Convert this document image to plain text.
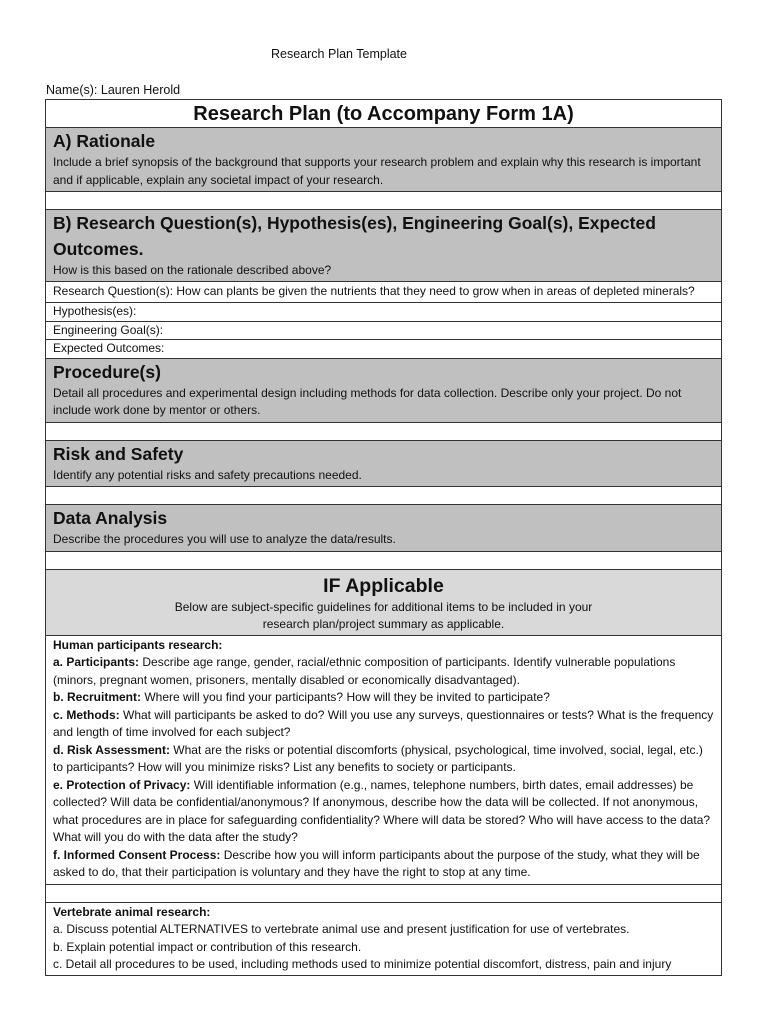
Research Plan Template
Name(s): Lauren Herold
Research Plan (to Accompany Form 1A)
A) Rationale
Include a brief synopsis of the background that supports your research problem and explain why this research is important and if applicable, explain any societal impact of your research.
B) Research Question(s), Hypothesis(es), Engineering Goal(s), Expected Outcomes.
How is this based on the rationale described above?
Research Question(s): How can plants be given the nutrients that they need to grow when in areas of depleted minerals?
Hypothesis(es):
Engineering Goal(s):
Expected Outcomes:
Procedure(s)
Detail all procedures and experimental design including methods for data collection. Describe only your project. Do not include work done by mentor or others.
Risk and Safety
Identify any potential risks and safety precautions needed.
Data Analysis
Describe the procedures you will use to analyze the data/results.
IF Applicable
Below are subject-specific guidelines for additional items to be included in your
research plan/project summary as applicable.
Human participants research:
a. Participants: Describe age range, gender, racial/ethnic composition of participants. Identify vulnerable populations (minors, pregnant women, prisoners, mentally disabled or economically disadvantaged).
b. Recruitment: Where will you find your participants? How will they be invited to participate?
c. Methods: What will participants be asked to do? Will you use any surveys, questionnaires or tests? What is the frequency and length of time involved for each subject?
d. Risk Assessment: What are the risks or potential discomforts (physical, psychological, time involved, social, legal, etc.) to participants? How will you minimize risks? List any benefits to society or participants.
e. Protection of Privacy: Will identifiable information (e.g., names, telephone numbers, birth dates, email addresses) be collected? Will data be confidential/anonymous? If anonymous, describe how the data will be collected. If not anonymous, what procedures are in place for safeguarding confidentiality? Where will data be stored? Who will have access to the data? What will you do with the data after the study?
f. Informed Consent Process: Describe how you will inform participants about the purpose of the study, what they will be asked to do, that their participation is voluntary and they have the right to stop at any time.
Vertebrate animal research:
a. Discuss potential ALTERNATIVES to vertebrate animal use and present justification for use of vertebrates.
b. Explain potential impact or contribution of this research.
c. Detail all procedures to be used, including methods used to minimize potential discomfort, distress, pain and injury
